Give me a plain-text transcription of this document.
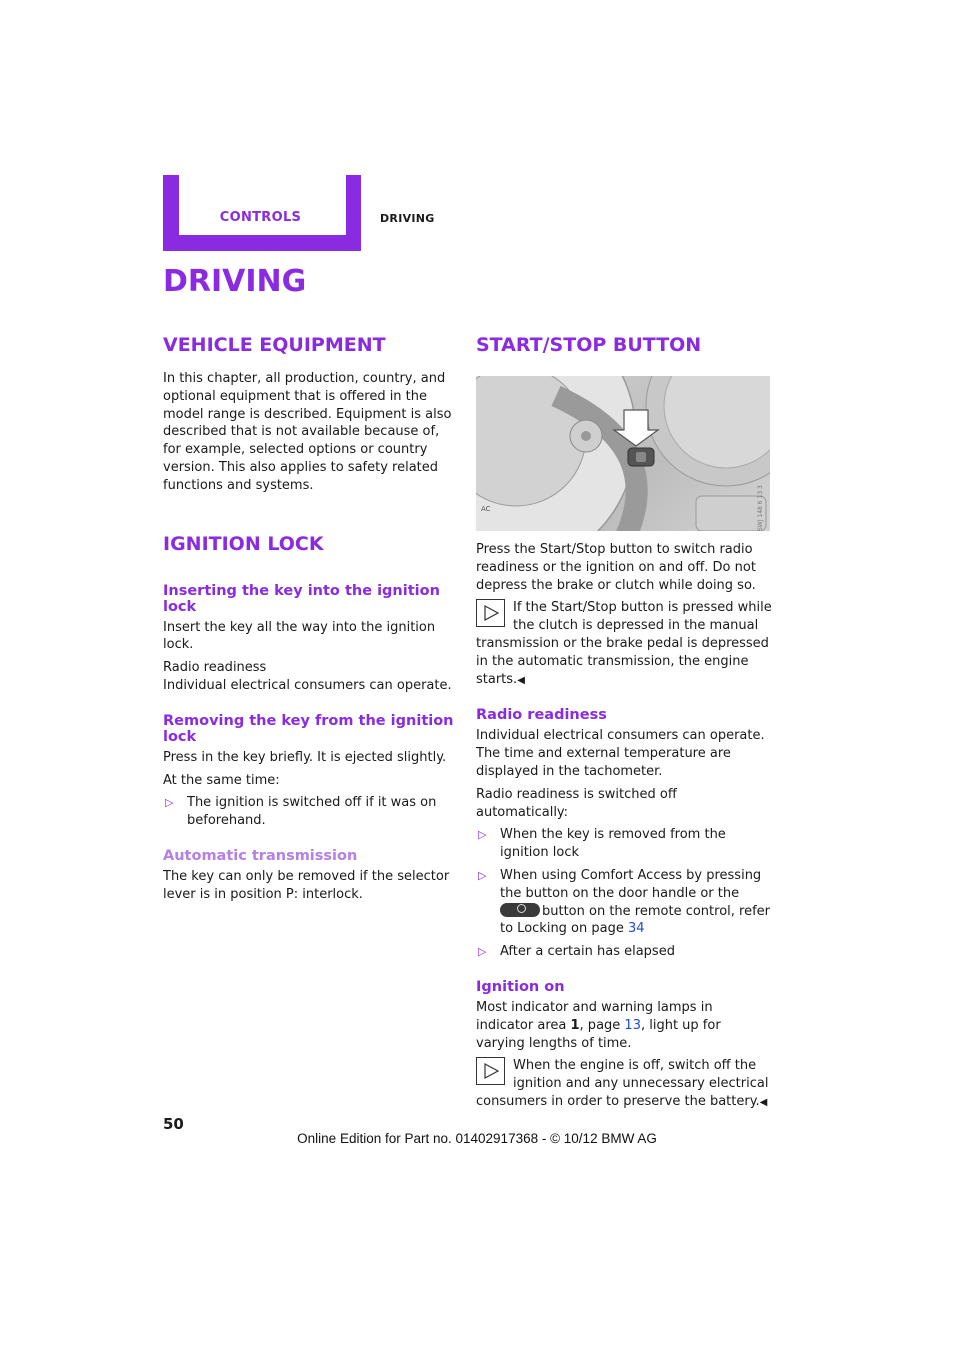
CONTROLS	DRIVING
DRIVING
VEHICLE EQUIPMENT

In this chapter, all production, country, and optional equipment that is offered in the model range is described. Equipment is also described that is not available because of, for example, selected options or country version. This also applies to safety related functions and systems.

IGNITION LOCK
Inserting the key into the ignition lock

Insert the key all the way into the ignition lock.

Radio readiness

Individual electrical consumers can operate.

Removing the key from the ignition lock

Press in the key briefly. It is ejected slightly.

At the same time:

▷ The ignition is switched off if it was on beforehand.
Automatic transmission

The key can only be removed if the selector lever is in position P: interlock.

START/STOP BUTTON
AC	SWJ 148 6 13 3

Press the Start/Stop button to switch radio readiness or the ignition on and off. Do not depress the brake or clutch while doing so.

If the Start/Stop button is pressed while the clutch is depressed in the manual transmission or the brake pedal is depressed in the automatic transmission, the engine starts.◀
Radio readiness

Individual electrical consumers can operate. The time and external temperature are displayed in the tachometer.

Radio readiness is switched off automatically:

▷ When the key is removed from the ignition lock
▷ When using Comfort Access by pressing the button on the door handle or the
button on the remote control, refer to Locking on page 34
▷ After a certain has elapsed
Ignition on

Most indicator and warning lamps in indicator area 1, page 13, light up for varying lengths of time.

When the engine is off, switch off the ignition and any unnecessary electrical consumers in order to preserve the battery.◀
50
Online Edition for Part no. 01402917368 - © 10/12 BMW AG
